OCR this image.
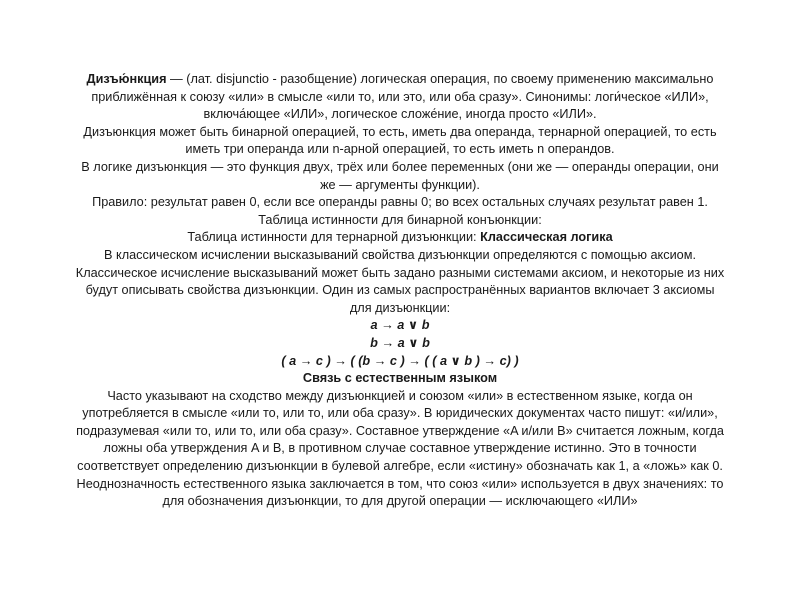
Дизъю́нкция — (лат. disjunctio - разобщение) логическая операция, по своему применению максимально
приближённая к союзу «или» в смысле «или то, или это, или оба сразу». Синонимы: логи́ческое «ИЛИ»,
включа́ющее «ИЛИ», логическое сложе́ние, иногда просто «ИЛИ».
Дизъюнкция может быть бинарной операцией, то есть, иметь два операнда, тернарной операцией, то есть
иметь три операнда или n-арной операцией, то есть иметь n операндов.
В логике дизъюнкция — это функция двух, трёх или более переменных (они же — операнды операции, они
же — аргументы функции).
Правило: результат равен 0, если все операнды равны 0; во всех остальных случаях результат равен 1.
Таблица истинности для бинарной конъюнкции:
Таблица истинности для тернарной дизъюнкции: Классическая логика
В классическом исчислении высказываний свойства дизъюнкции определяются с помощью аксиом.
Классическое исчисление высказываний может быть задано разными системами аксиом, и некоторые из них
будут описывать свойства дизъюнкции. Один из самых распространённых вариантов включает 3 аксиомы
для дизъюнкции:
a → a ∨ b
b → a ∨ b
( a → c ) → ( (b → c ) → ( ( a ∨ b ) → c) )
Связь с естественным языком
Часто указывают на сходство между дизъюнкцией и союзом «или» в естественном языке, когда он
употребляется в смысле «или то, или то, или оба сразу». В юридических документах часто пишут: «и/или»,
подразумевая «или то, или то, или оба сразу». Составное утверждение «A и/или B» считается ложным, когда
ложны оба утверждения A и B, в противном случае составное утверждение истинно. Это в точности
соответствует определению дизъюнкции в булевой алгебре, если «истину» обозначать как 1, а «ложь» как 0.
Неоднозначность естественного языка заключается в том, что союз «или» используется в двух значениях: то
для обозначения дизъюнкции, то для другой операции — исключающего «ИЛИ»
